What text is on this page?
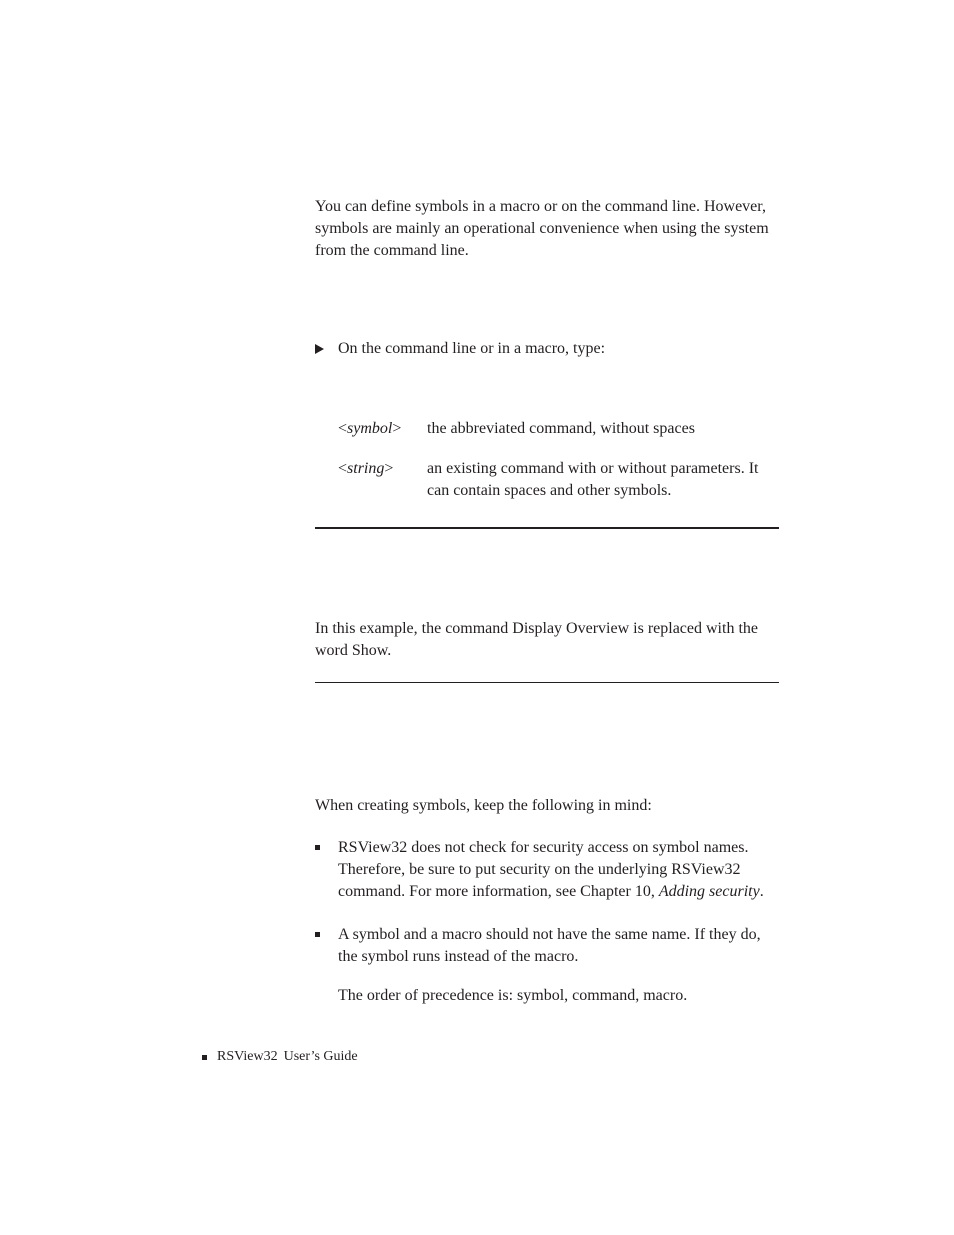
You can define symbols in a macro or on the command line. However, symbols are mainly an operational convenience when using the system from the command line.

On the command line or in a macro, type:

<symbol> the abbreviated command, without spaces

<string> an existing command with or without parameters. It can contain spaces and other symbols.

In this example, the command Display Overview is replaced with the word Show.

When creating symbols, keep the following in mind:

RSView32 does not check for security access on symbol names. Therefore, be sure to put security on the underlying RSView32 command. For more information, see Chapter 10, Adding security.

A symbol and a macro should not have the same name. If they do, the symbol runs instead of the macro.

The order of precedence is: symbol, command, macro.

RSView32 User’s Guide
